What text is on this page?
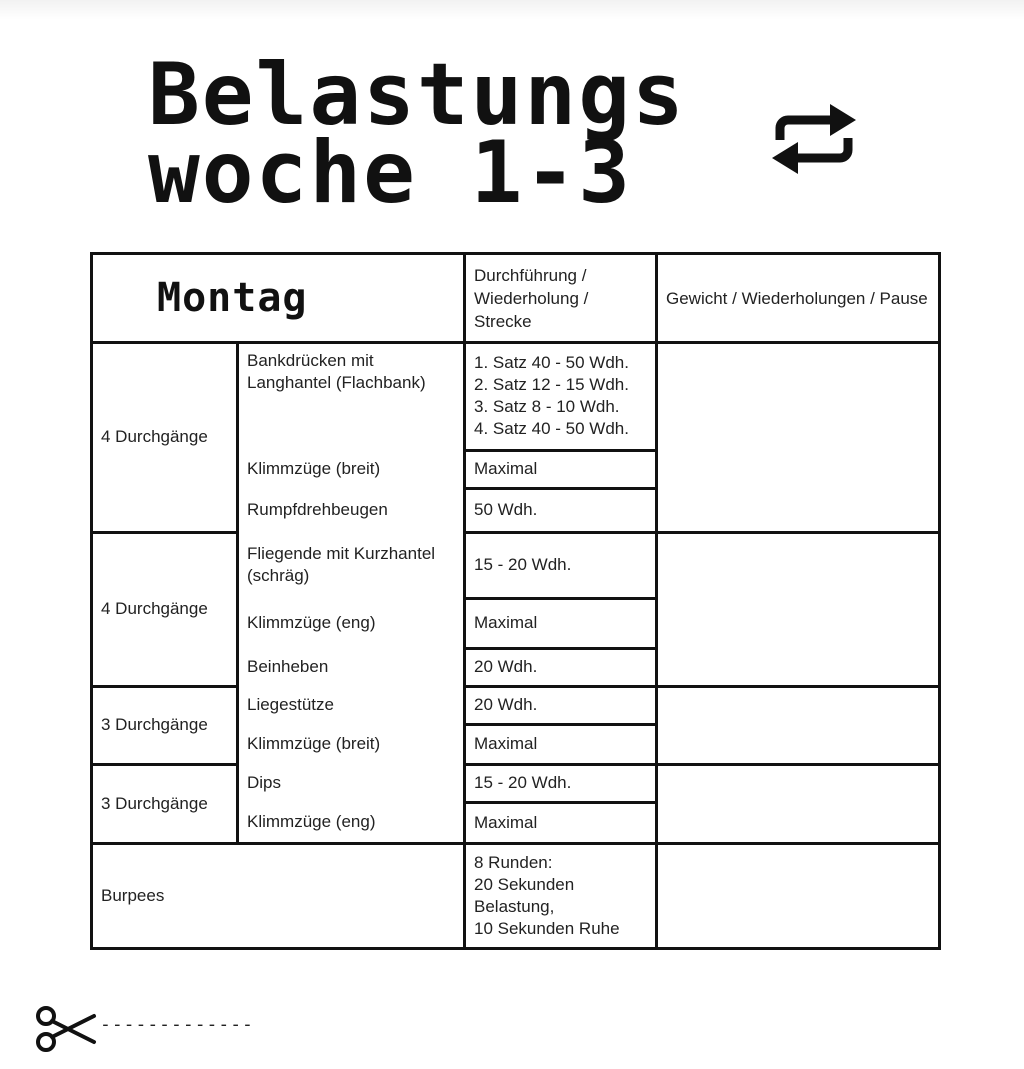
Belastungs
woche 1-3
Montag		Durchführung / Wiederholung / Strecke	Gewicht / Wiederholungen / Pause
4 Durchgänge	Bankdrücken mit Langhantel (Flachbank)	1. Satz 40 - 50 Wdh.
2. Satz 12 - 15 Wdh.
3. Satz 8 - 10 Wdh.
4. Satz 40 - 50 Wdh.	
	Klimmzüge (breit)	Maximal	
	Rumpfdrehbeugen	50 Wdh.	
4 Durchgänge	Fliegende mit Kurzhantel (schräg)	15 - 20 Wdh.	
	Klimmzüge (eng)	Maximal	
	Beinheben	20 Wdh.	
3 Durchgänge	Liegestütze	20 Wdh.	
	Klimmzüge (breit)	Maximal	
3 Durchgänge	Dips	15 - 20 Wdh.	
	Klimmzüge (eng)	Maximal	
Burpees		8 Runden:
20 Sekunden Belastung,
10 Sekunden Ruhe	
-------------
